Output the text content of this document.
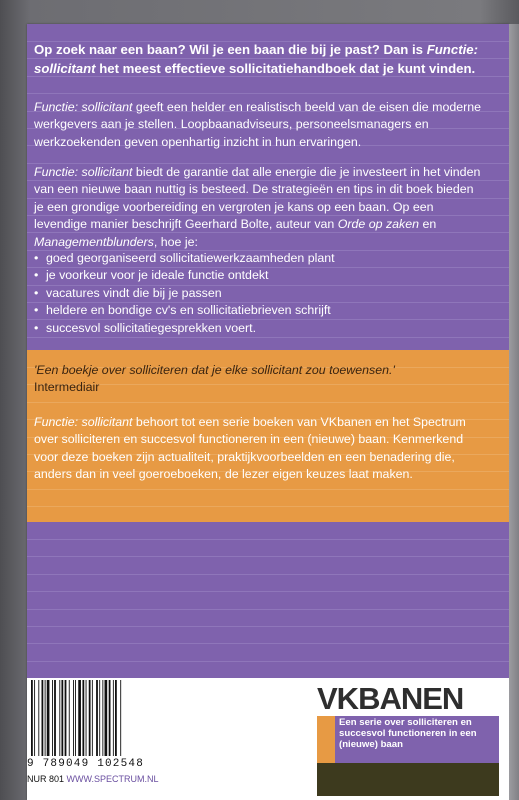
Op zoek naar een baan? Wil je een baan die bij je past? Dan is Functie: sollicitant het meest effectieve sollicitatiehandboek dat je kunt vinden.
Functie: sollicitant geeft een helder en realistisch beeld van de eisen die moderne werkgevers aan je stellen. Loopbaanadviseurs, personeelsmanagers en werkzoekenden geven openhartig inzicht in hun ervaringen.
Functie: sollicitant biedt de garantie dat alle energie die je investeert in het vinden van een nieuwe baan nuttig is besteed. De strategieën en tips in dit boek bieden je een grondige voorbereiding en vergroten je kans op een baan. Op een levendige manier beschrijft Geerhard Bolte, auteur van Orde op zaken en Managementblunders, hoe je:
• goed georganiseerd sollicitatiewerkzaamheden plant
• je voorkeur voor je ideale functie ontdekt
• vacatures vindt die bij je passen
• heldere en bondige cv's en sollicitatiebrieven schrijft
• succesvol sollicitatiegesprekken voert.
'Een boekje over solliciteren dat je elke sollicitant zou toewensen.'
Intermediair
Functie: sollicitant behoort tot een serie boeken van VKbanen en het Spectrum over solliciteren en succesvol functioneren in een (nieuwe) baan. Kenmerkend voor deze boeken zijn actualiteit, praktijkvoorbeelden en een benadering die, anders dan in veel goeroeboeken, de lezer eigen keuzes laat maken.
9 789049 102548
NUR 801 WWW.SPECTRUM.NL
VKBANEN
Een serie over solliciteren en succesvol functioneren in een (nieuwe) baan
